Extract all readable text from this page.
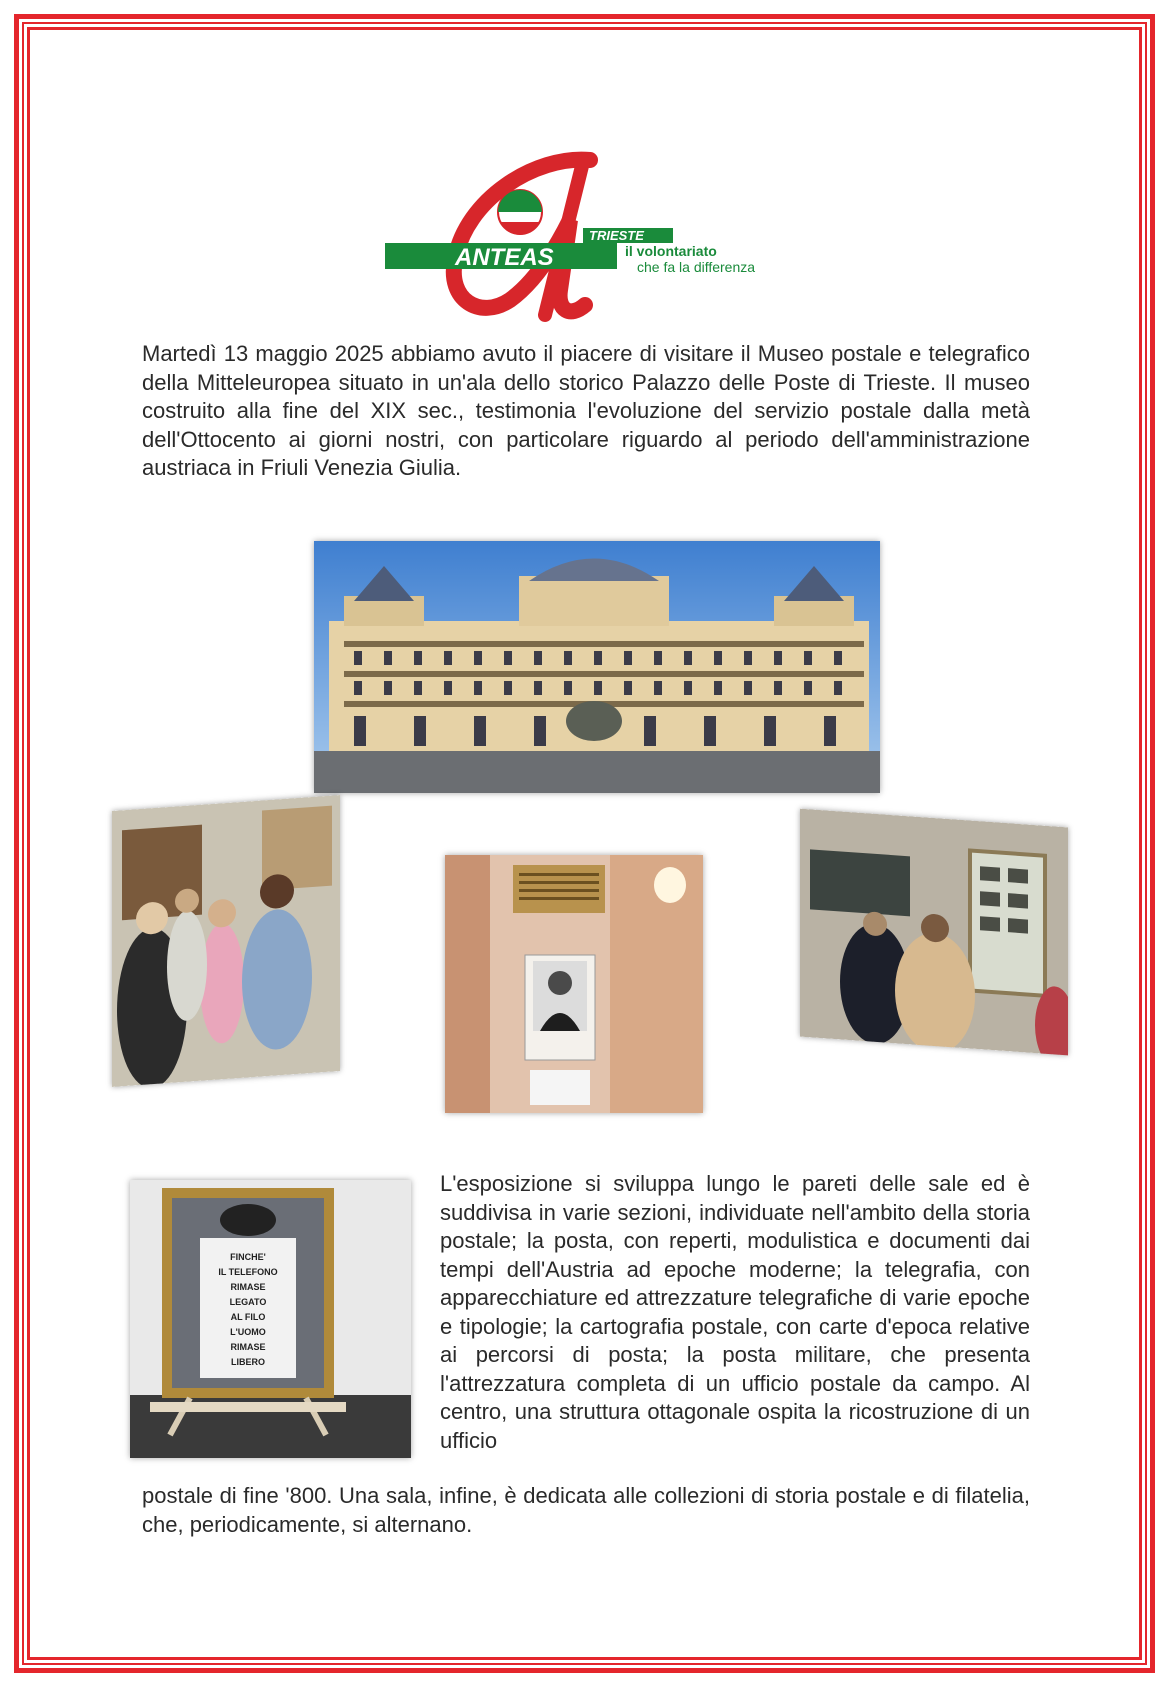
ANTEAS
TRIESTE
il volontariato
che fa la differenza

Martedì 13 maggio 2025 abbiamo avuto il piacere di visitare il Museo postale e telegrafico della Mitteleuropea situato in un'ala dello storico Palazzo delle Poste di Trieste. Il museo costruito alla fine del XIX sec., testimonia l'evoluzione del servizio postale dalla metà dell'Ottocento ai giorni nostri, con particolare riguardo al periodo dell'amministrazione austriaca in Friuli Venezia Giulia.

FINCHE'
IL TELEFONO
RIMASE
LEGATO
AL FILO
L'UOMO
RIMASE
LIBERO

L'esposizione si sviluppa lungo le pareti delle sale ed è suddivisa in varie sezioni, individuate nell'ambito della storia postale; la posta, con reperti, modulistica e documenti dai tempi dell'Austria ad epoche moderne; la telegrafia, con apparecchiature ed attrezzature telegrafiche di varie epoche e tipologie; la cartografia postale, con carte d'epoca relative ai percorsi di posta; la posta militare, che presenta l'attrezzatura completa di un ufficio postale da campo. Al centro, una struttura ottagonale ospita la ricostruzione di un ufficio

postale di fine '800. Una sala, infine, è dedicata alle collezioni di storia postale e di filatelia, che, periodicamente, si alternano.
